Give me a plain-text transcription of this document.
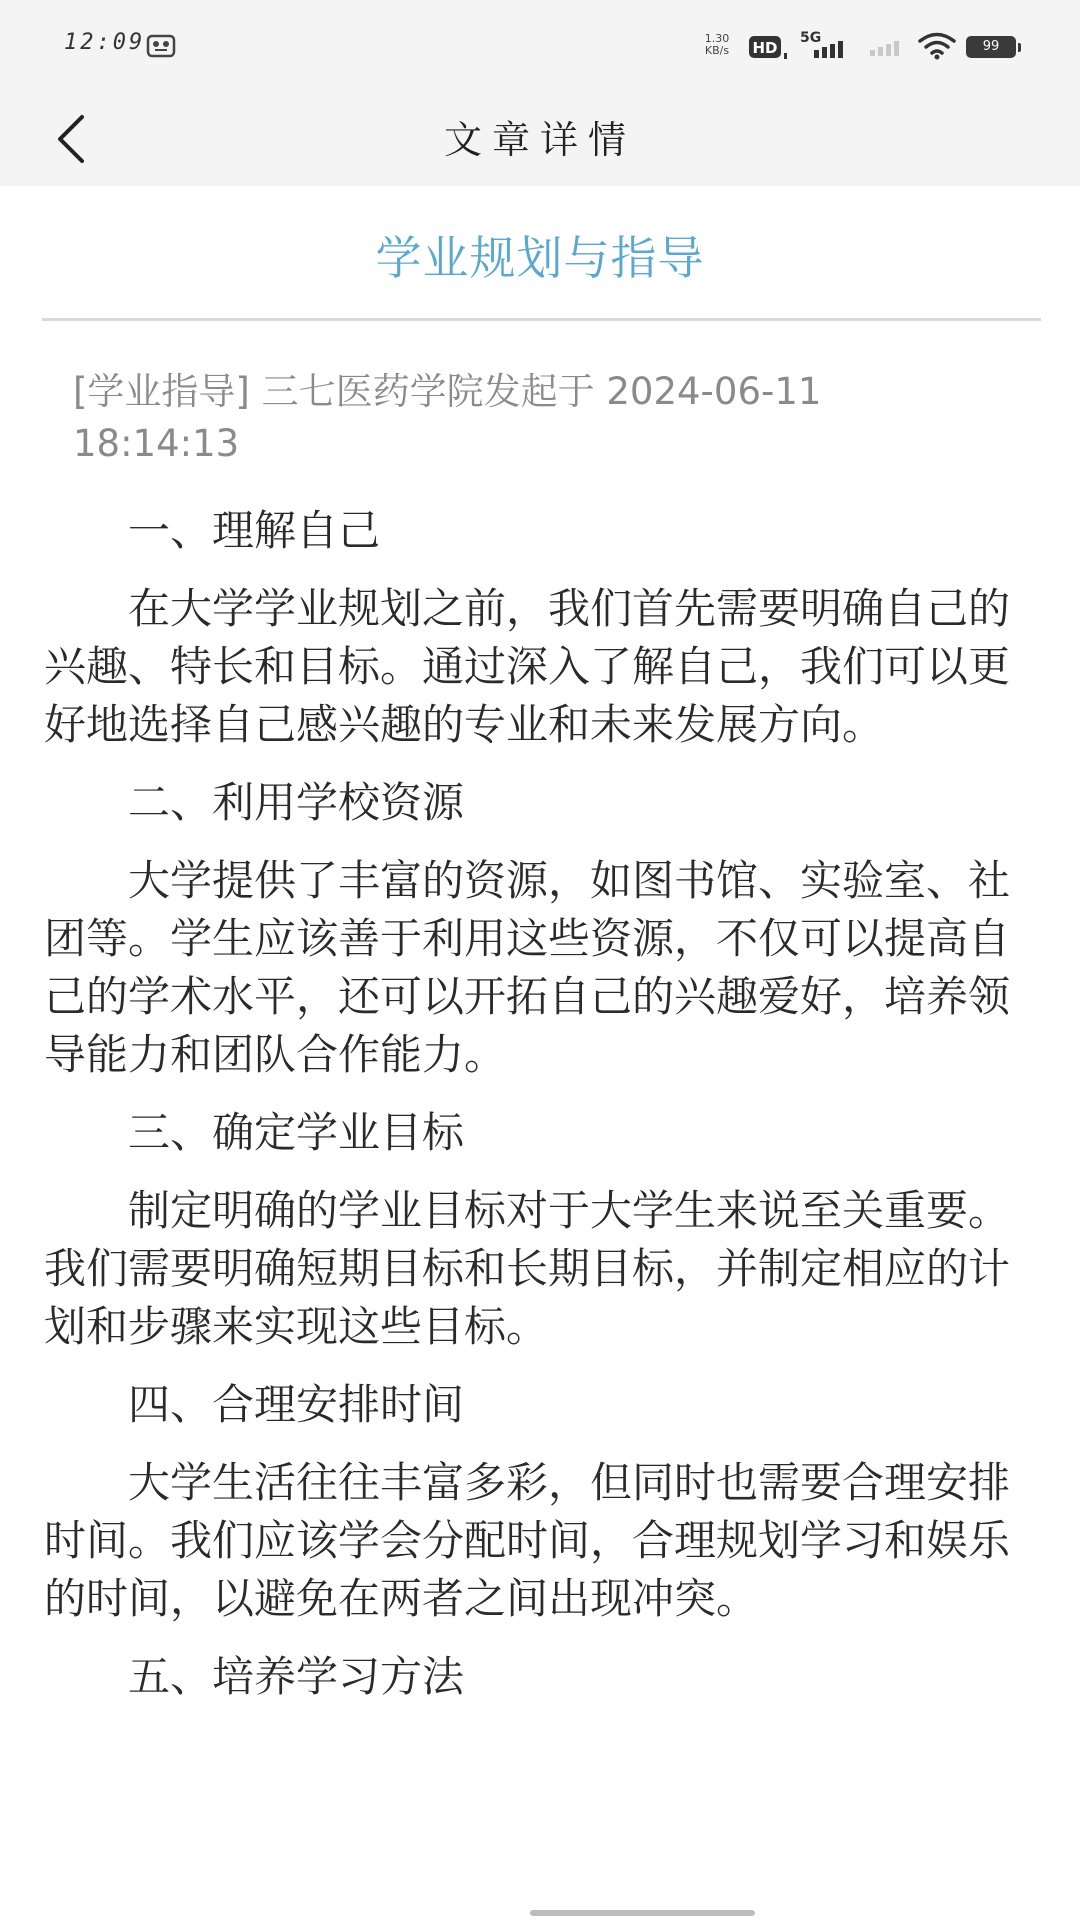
12:09	1.30
KB/s	HD
5G
99
文章详情
学业规划与指导
[学业指导] 三七医药学院发起于 2024-06-11 18:14:13

一、理解自己

在大学学业规划之前，我们首先需要明确自己的兴趣、特长和目标。通过深入了解自己，我们可以更好地选择自己感兴趣的专业和未来发展方向。

二、利用学校资源

大学提供了丰富的资源，如图书馆、实验室、社团等。学生应该善于利用这些资源，不仅可以提高自己的学术水平，还可以开拓自己的兴趣爱好，培养领导能力和团队合作能力。

三、确定学业目标

制定明确的学业目标对于大学生来说至关重要。我们需要明确短期目标和长期目标，并制定相应的计划和步骤来实现这些目标。

四、合理安排时间

大学生活往往丰富多彩，但同时也需要合理安排时间。我们应该学会分配时间，合理规划学习和娱乐的时间，以避免在两者之间出现冲突。

五、培养学习方法
